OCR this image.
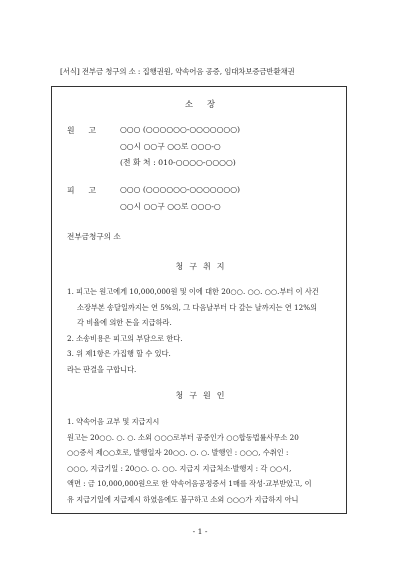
[서식] 전부금 청구의 소 : 집행권원, 약속어음 공증, 임대차보증금반환채권
소장
원고 ○○○ (○○○○○○-○○○○○○○)
○○시 ○○구 ○○로 ○○○-○
(전 화 처 : 010-○○○○-○○○○)
피고 ○○○ (○○○○○○-○○○○○○○)
○○시 ○○구 ○○로 ○○○-○
전부금청구의 소
청구취지
1. 피고는 원고에게 10,000,000원 및 이에 대한 20○○. ○○. ○○.부터 이 사건
소장부본 송달일까지는 연 5%의, 그 다음날부터 다 갚는 날까지는 연 12%의
각 비율에 의한 돈을 지급하라.
2. 소송비용은 피고의 부담으로 한다.
3. 위 제1항은 가집행 할 수 있다.
라는 판결을 구합니다.
청구원인
1. 약속어음 교부 및 지급지시
원고는 20○○. ○. ○. 소외 ○○○로부터 공증인가 ○○합동법률사무소 20
○○증서 제○○호로, 발행일자 20○○. ○. ○. 발행인 : ○○○, 수취인 :
○○○, 지급기일 : 20○○. ○. ○○. 지급지 지급처소·발행지 : 각 ○○시,
액면 : 금 10,000,000원으로 한 약속어음공정증서 1매를 작성·교부받았고, 이
유 지급기일에 지급제시 하였음에도 불구하고 소외 ○○○가 지급하지 아니
- 1 -
